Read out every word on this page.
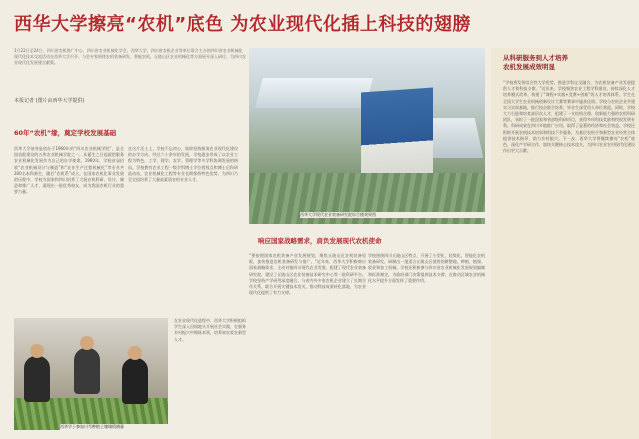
西华大学擦亮“农机”底色 为农业现代化插上科技的翅膀
1月22日至24日，四川省农机推广中心、四川省农业机械化学会、西华大学、四川省农机企业等单位联合主办的四川省农业机械化现代化技术交流活动在西华大学召开。与会专家围绕农机装备研发、智能农机、丘陵山区农业机械化等方面展开深入研讨，为四川农业现代化发展建言献策。
本报记者 (图片由西华大学提供)
60年“农机”缘，奠定学校发展基础
西华大学前身是创办于1960年的“四川农业机械学院”，是全国首批建设的五所农业机械学院之一，从诞生之日起就把服务农业机械化发展作为自己的办学使命。1960年，学校首届招收“农业机械设计与制造”和“农业生产过程机械化”等专业共300名本科新生，随后“农机系”成立。在国家农机化事业发展的历程中，学校为国家和四川培养了大批农机科研、设计、制造和推广人才，涌现出一批优秀校友，成为我国农机行业的重要力量。
在这片沃土上，学校不忘初心，始终坚持服务农业现代化建设的办学方向。经过六十余年的发展，学校逐步形成了以农业工程为特色，工学、理学、农学、管理学等多学科协调发展的格局。学校拥有农业工程一级学科博士学位授权点和博士后科研流动站，农业机械化工程等专业长期保持特色优势，为四川乃至全国培养了大量高素质农机专业人才。
西华大学现代农业装备研究院综合楼效果图
响应国家战略需求，肩负发展现代农机使命
“要按照国家农机装备产业发展规划，聚焦丘陵山区农机装备短板，加快推进农机装备研发与推广。”近年来，西华大学积极响应国家战略需求，主动对接四川现代农业发展，组建了现代农业装备研究院，建设了丘陵山区农业装备技术研究中心等一批科研平台。学校坚持产学研用深度融合，与省内外多家农机企业建立了长期合作关系，联合开展关键技术攻关，推动科技成果转化落地，为农业现代化提供了有力支撑。
学校围绕四川丘陵山区特点，开展了小型化、轻简化、智能化农机装备研发，研制出一批适合丘陵山区使用的耕整地、种植、植保、收获和加工机械。学校还积极参与四川省农业机械化发展规划编制和标准制定，为政府部门决策提供技术支撑，在推动区域农业机械化水平提升方面发挥了重要作用。
从科研服务到人才培养
农机发展成效明显
“学校将发挥综合性大学优势，推进学科交叉融合，为农机装备产业发展提供人才和科技支撑。”近年来，学校聚焦农业工程学科建设，持续深化人才培养模式改革，构建了“课程+实践+竞赛+创新”的人才培养体系。学生在全国大学生农业机械创新设计大赛等赛事中屡获佳绩。学校与农机企业共建实习实训基地，推行校企联合培养，毕业生深受用人单位欢迎。同时，学校大力引进和培育高层次人才，组建了一支结构合理、创新能力强的农机科研团队，承担了一批国家和省部级科研项目，获得多项科技奖励和授权发明专利。科研成果在四川多地推广应用，取得了显著的经济和社会效益。学校还积极开展农机技术培训和科技下乡服务，为基层农机手和新型农业经营主体提供技术指导，助力乡村振兴。下一步，西华大学将继续擦亮“农机”底色，深化产学研合作，加快关键核心技术攻关，为四川农业农村现代化建设作出更大贡献。
西华学子参加川芎种植土壤墒情测量
在农业现代化进程中，西华大学积极组织学生深入田间地头开展社会实践，在服务乡村振兴中锤炼本领，培养知农爱农新型人才。
